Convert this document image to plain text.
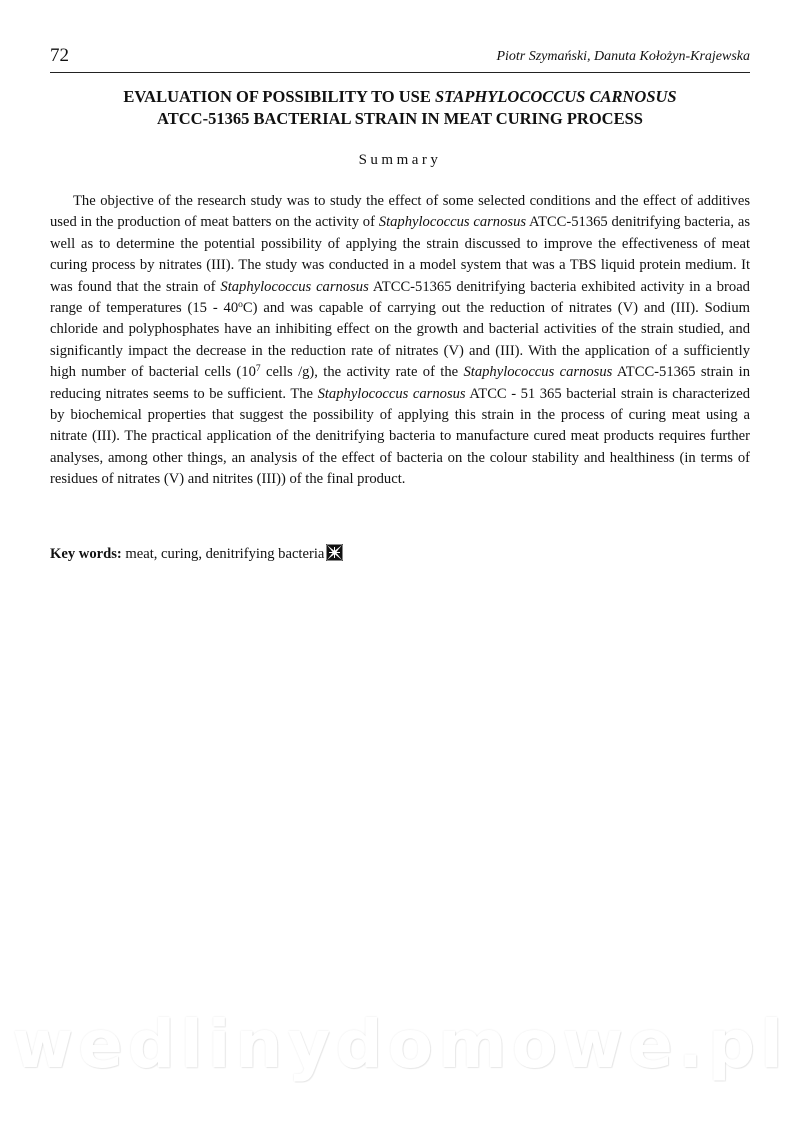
72	Piotr Szymański, Danuta Kołożyn-Krajewska
EVALUATION OF POSSIBILITY TO USE STAPHYLOCOCCUS CARNOSUS
ATCC-51365 BACTERIAL STRAIN IN MEAT CURING PROCESS
Summary

The objective of the research study was to study the effect of some selected conditions and the effect of additives used in the production of meat batters on the activity of Staphylococcus carnosus ATCC-51365 denitrifying bacteria, as well as to determine the potential possibility of applying the strain discussed to improve the effectiveness of meat curing process by nitrates (III). The study was conducted in a model system that was a TBS liquid protein medium. It was found that the strain of Staphylococcus carnosus ATCC-51365 denitrifying bacteria exhibited activity in a broad range of temperatures (15 - 40$^o$C) and was capable of carrying out the reduction of nitrates (V) and (III). Sodium chloride and polyphosphates have an inhibiting effect on the growth and bacterial activities of the strain studied, and significantly impact the decrease in the reduction rate of nitrates (V) and (III). With the application of a sufficiently high number of bacterial cells ($10^7$ cells /g), the activity rate of the Staphylococcus carnosus ATCC-51365 strain in reducing nitrates seems to be sufficient. The Staphylococcus carnosus ATCC - 51 365 bacterial strain is characterized by biochemical properties that suggest the possibility of applying this strain in the process of curing meat using a nitrate (III). The practical application of the denitrifying bacteria to manufacture cured meat products requires further analyses, among other things, an analysis of the effect of bacteria on the colour stability and healthiness (in terms of residues of nitrates (V) and nitrites (III)) of the final product.

Key words: meat, curing, denitrifying bacteria

wedlinydomowe.pl
